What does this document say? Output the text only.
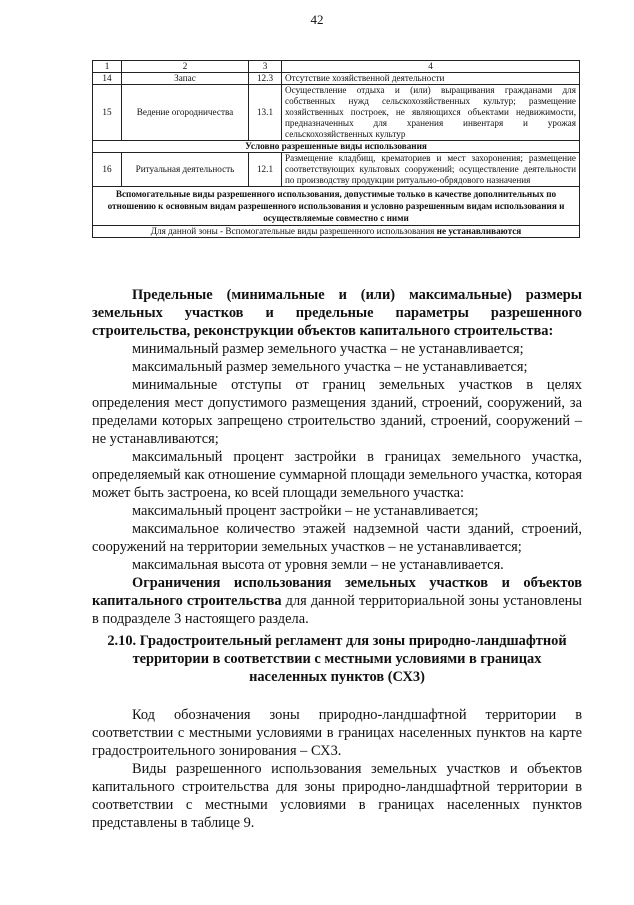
42
1	2	3	4
14	Запас	12.3	Отсутствие хозяйственной деятельности
15	Ведение огородничества	13.1	Осуществление отдыха и (или) выращивания гражданами для собственных нужд сельскохозяйственных культур; размещение хозяйственных построек, не являющихся объектами недвижимости, предназначенных для хранения инвентаря и урожая сельскохозяйственных культур
Условно разрешенные виды использования			
16	Ритуальная деятельность	12.1	Размещение кладбищ, крематориев и мест захоронения; размещение соответствующих культовых сооружений; осуществление деятельности по производству продукции ритуально-обрядового назначения
Вспомогательные виды разрешенного использования, допустимые только в качестве дополнительных по отношению к основным видам разрешенного использования и условно разрешенным видам использования и осуществляемые совместно с ними			
Для данной зоны - Вспомогательные виды разрешенного использования не устанавливаются			

Предельные (минимальные и (или) максимальные) размеры земельных участков и предельные параметры разрешенного строительства, реконструкции объектов капитального строительства:

минимальный размер земельного участка – не устанавливается;

максимальный размер земельного участка – не устанавливается;

минимальные отступы от границ земельных участков в целях определения мест допустимого размещения зданий, строений, сооружений, за пределами которых запрещено строительство зданий, строений, сооружений – не устанавливаются;

максимальный процент застройки в границах земельного участка, определяемый как отношение суммарной площади земельного участка, которая может быть застроена, ко всей площади земельного участка:

максимальный процент застройки – не устанавливается;

максимальное количество этажей надземной части зданий, строений, сооружений на территории земельных участков – не устанавливается;

максимальная высота от уровня земли – не устанавливается.

Ограничения использования земельных участков и объектов капитального строительства для данной территориальной зоны установлены в подразделе 3 настоящего раздела.

2.10. Градостроительный регламент для зоны природно-ландшафтной территории в соответствии с местными условиями в границах населенных пунктов (СХ3)

Код обозначения зоны природно-ландшафтной территории в соответствии с местными условиями в границах населенных пунктов на карте градостроительного зонирования – СХ3.

Виды разрешенного использования земельных участков и объектов капитального строительства для зоны природно-ландшафтной территории в соответствии с местными условиями в границах населенных пунктов представлены в таблице 9.
